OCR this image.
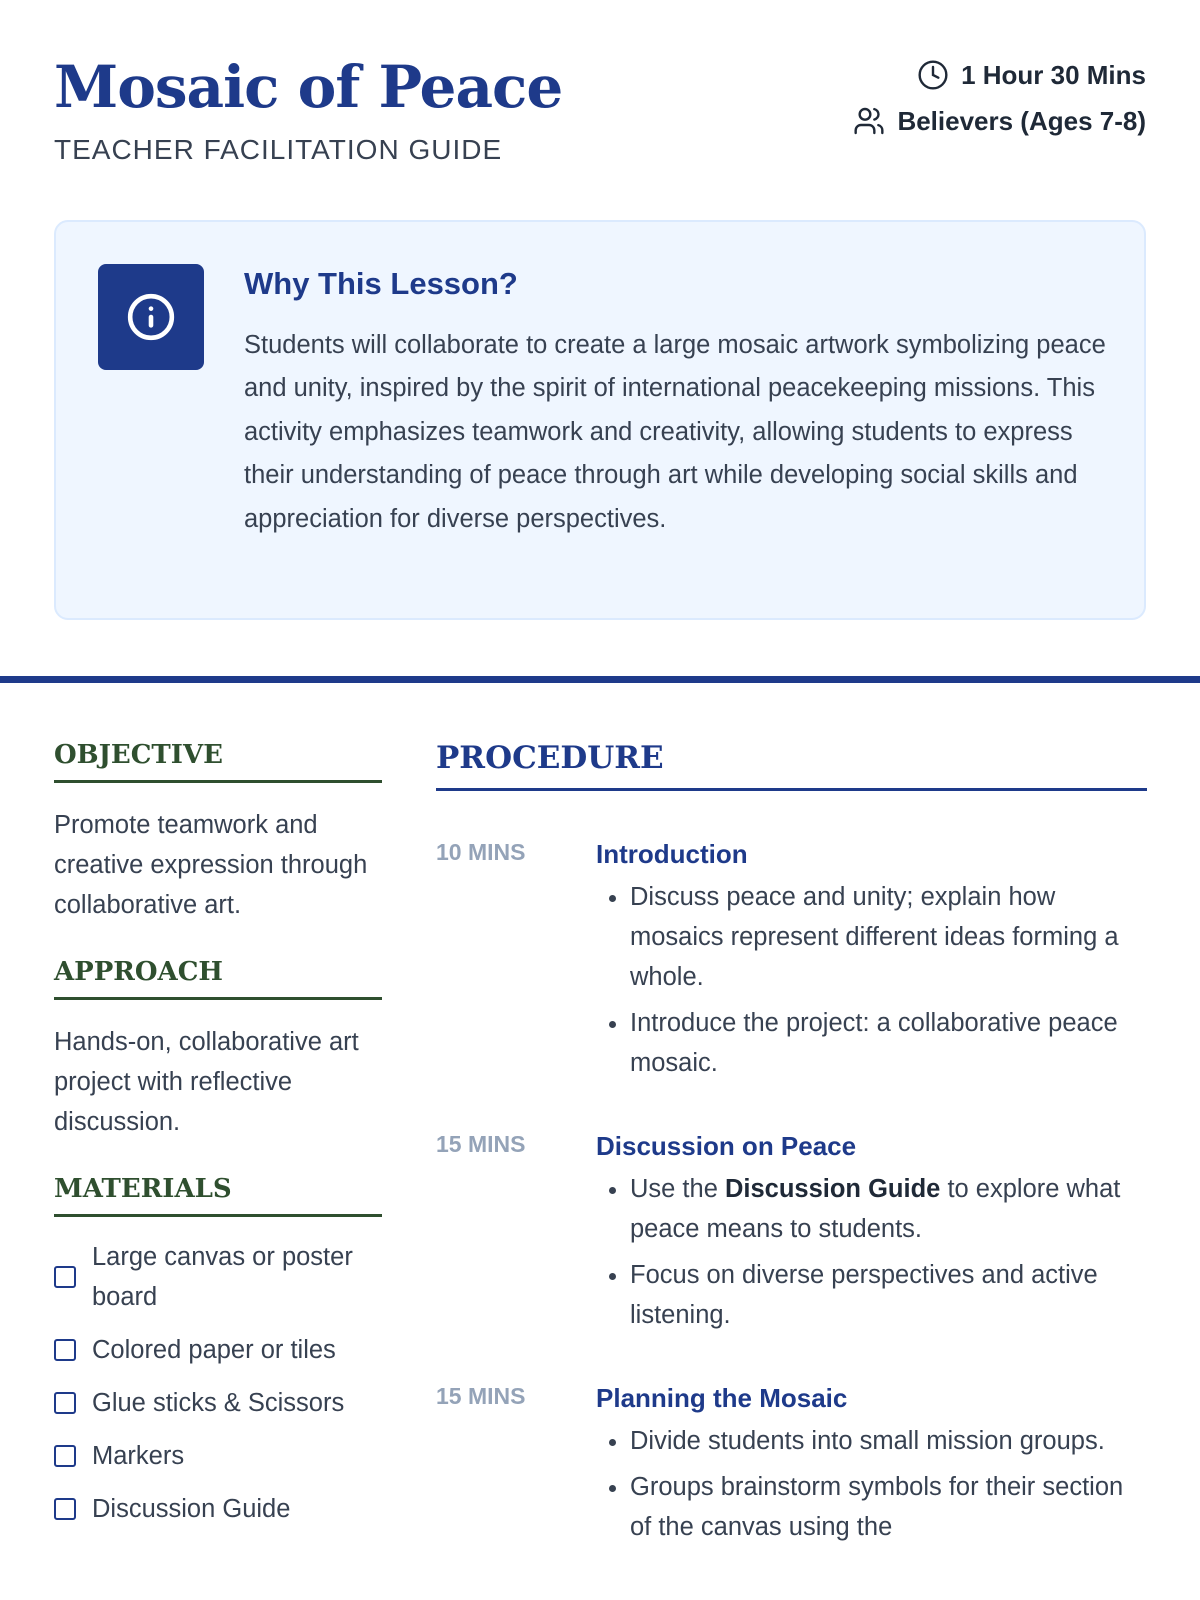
Mosaic of Peace
TEACHER FACILITATION GUIDE
1 Hour 30 Mins
Believers (Ages 7-8)
Why This Lesson?

Students will collaborate to create a large mosaic artwork symbolizing peace and unity, inspired by the spirit of international peacekeeping missions. This activity emphasizes teamwork and creativity, allowing students to express their understanding of peace through art while developing social skills and appreciation for diverse perspectives.

OBJECTIVE

Promote teamwork and creative expression through collaborative art.

APPROACH

Hands-on, collaborative art project with reflective discussion.

MATERIALS
Large canvas or poster board
Colored paper or tiles
Glue sticks & Scissors
Markers
Discussion Guide
PROCEDURE
10 MINS	Introduction
• Discuss peace and unity; explain how mosaics represent different ideas forming a whole.
• Introduce the project: a collaborative peace mosaic.
15 MINS	Discussion on Peace
• Use the Discussion Guide to explore what peace means to students.
• Focus on diverse perspectives and active listening.
15 MINS	Planning the Mosaic
• Divide students into small mission groups.
• Groups brainstorm symbols for their section of the canvas using the
